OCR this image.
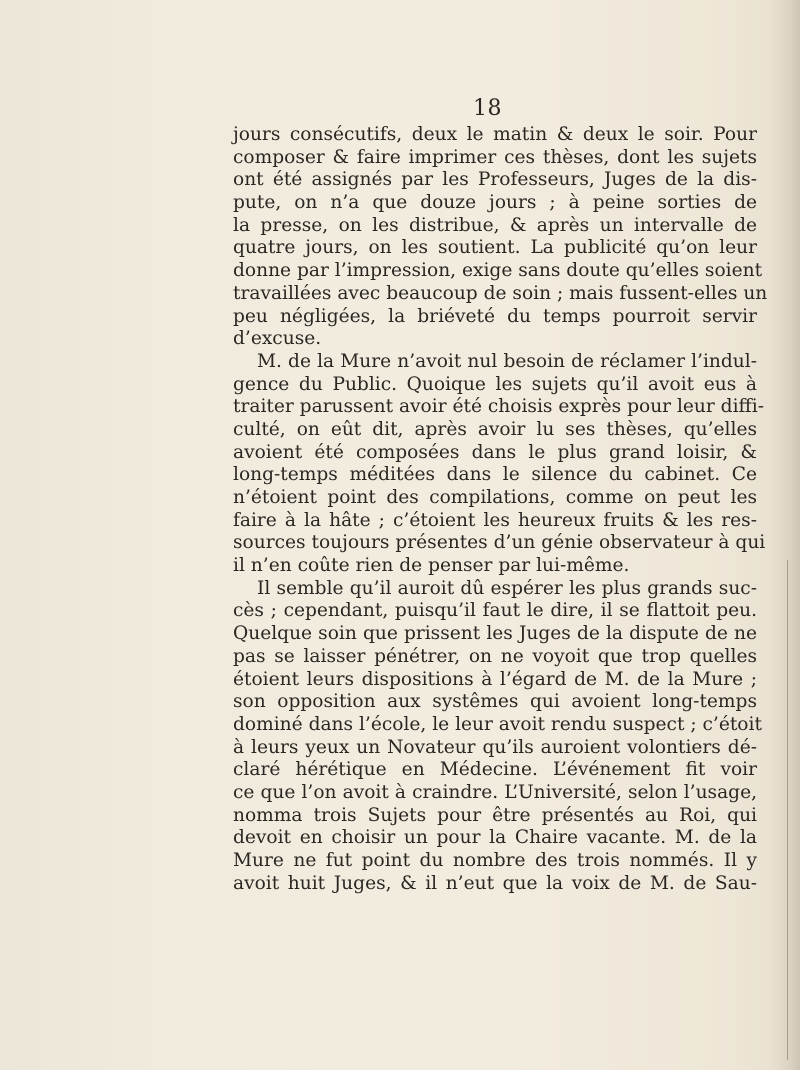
18
jours consécutifs, deux le matin & deux le soir. Pour
composer & faire imprimer ces thèses, dont les sujets
ont été assignés par les Professeurs, Juges de la dis-
pute, on n’a que douze jours ; à peine sorties de
la presse, on les distribue, & après un intervalle de
quatre jours, on les soutient. La publicité qu’on leur
donne par l’impression, exige sans doute qu’elles soient
travaillées avec beaucoup de soin ; mais fussent-elles un
peu négligées, la briéveté du temps pourroit servir
d’excuse.
M. de la Mure n’avoit nul besoin de réclamer l’indul-
gence du Public. Quoique les sujets qu’il avoit eus à
traiter parussent avoir été choisis exprès pour leur diffi-
culté, on eût dit, après avoir lu ses thèses, qu’elles
avoient été composées dans le plus grand loisir, &
long-temps méditées dans le silence du cabinet. Ce
n’étoient point des compilations, comme on peut les
faire à la hâte ; c’étoient les heureux fruits & les res-
sources toujours présentes d’un génie observateur à qui
il n’en coûte rien de penser par lui-même.
Il semble qu’il auroit dû espérer les plus grands suc-
cès ; cependant, puisqu’il faut le dire, il se flattoit peu.
Quelque soin que prissent les Juges de la dispute de ne
pas se laisser pénétrer, on ne voyoit que trop quelles
étoient leurs dispositions à l’égard de M. de la Mure ;
son opposition aux systêmes qui avoient long-temps
dominé dans l’école, le leur avoit rendu suspect ; c’étoit
à leurs yeux un Novateur qu’ils auroient volontiers dé-
claré hérétique en Médecine. L’événement fit voir
ce que l’on avoit à craindre. L’Université, selon l’usage,
nomma trois Sujets pour être présentés au Roi, qui
devoit en choisir un pour la Chaire vacante. M. de la
Mure ne fut point du nombre des trois nommés. Il y
avoit huit Juges, & il n’eut que la voix de M. de Sau-
